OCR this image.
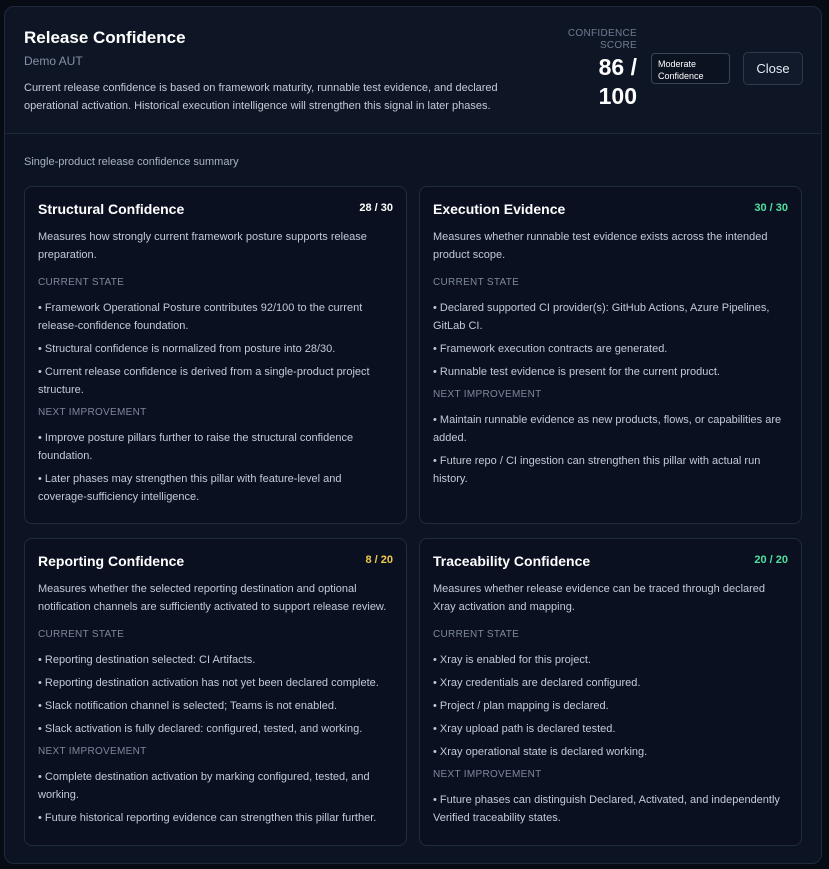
Release Confidence
Demo AUT
Current release confidence is based on framework maturity, runnable test evidence, and declared operational activation. Historical execution intelligence will strengthen this signal in later phases.
CONFIDENCE
SCORE
86 /
100
Moderate
Confidence	Close
Single-product release confidence summary
Structural Confidence	28 / 30
Measures how strongly current framework posture supports release preparation.
CURRENT STATE
• Framework Operational Posture contributes 92/100 to the current release-confidence foundation.
• Structural confidence is normalized from posture into 28/30.
• Current release confidence is derived from a single-product project structure.
NEXT IMPROVEMENT
• Improve posture pillars further to raise the structural confidence foundation.
• Later phases may strengthen this pillar with feature-level and coverage-sufficiency intelligence.
Execution Evidence	30 / 30
Measures whether runnable test evidence exists across the intended product scope.
CURRENT STATE
• Declared supported CI provider(s): GitHub Actions, Azure Pipelines, GitLab CI.
• Framework execution contracts are generated.
• Runnable test evidence is present for the current product.
NEXT IMPROVEMENT
• Maintain runnable evidence as new products, flows, or capabilities are added.
• Future repo / CI ingestion can strengthen this pillar with actual run history.
Reporting Confidence	8 / 20
Measures whether the selected reporting destination and optional notification channels are sufficiently activated to support release review.
CURRENT STATE
• Reporting destination selected: CI Artifacts.
• Reporting destination activation has not yet been declared complete.
• Slack notification channel is selected; Teams is not enabled.
• Slack activation is fully declared: configured, tested, and working.
NEXT IMPROVEMENT
• Complete destination activation by marking configured, tested, and working.
• Future historical reporting evidence can strengthen this pillar further.
Traceability Confidence	20 / 20
Measures whether release evidence can be traced through declared Xray activation and mapping.
CURRENT STATE
• Xray is enabled for this project.
• Xray credentials are declared configured.
• Project / plan mapping is declared.
• Xray upload path is declared tested.
• Xray operational state is declared working.
NEXT IMPROVEMENT
• Future phases can distinguish Declared, Activated, and independently Verified traceability states.
